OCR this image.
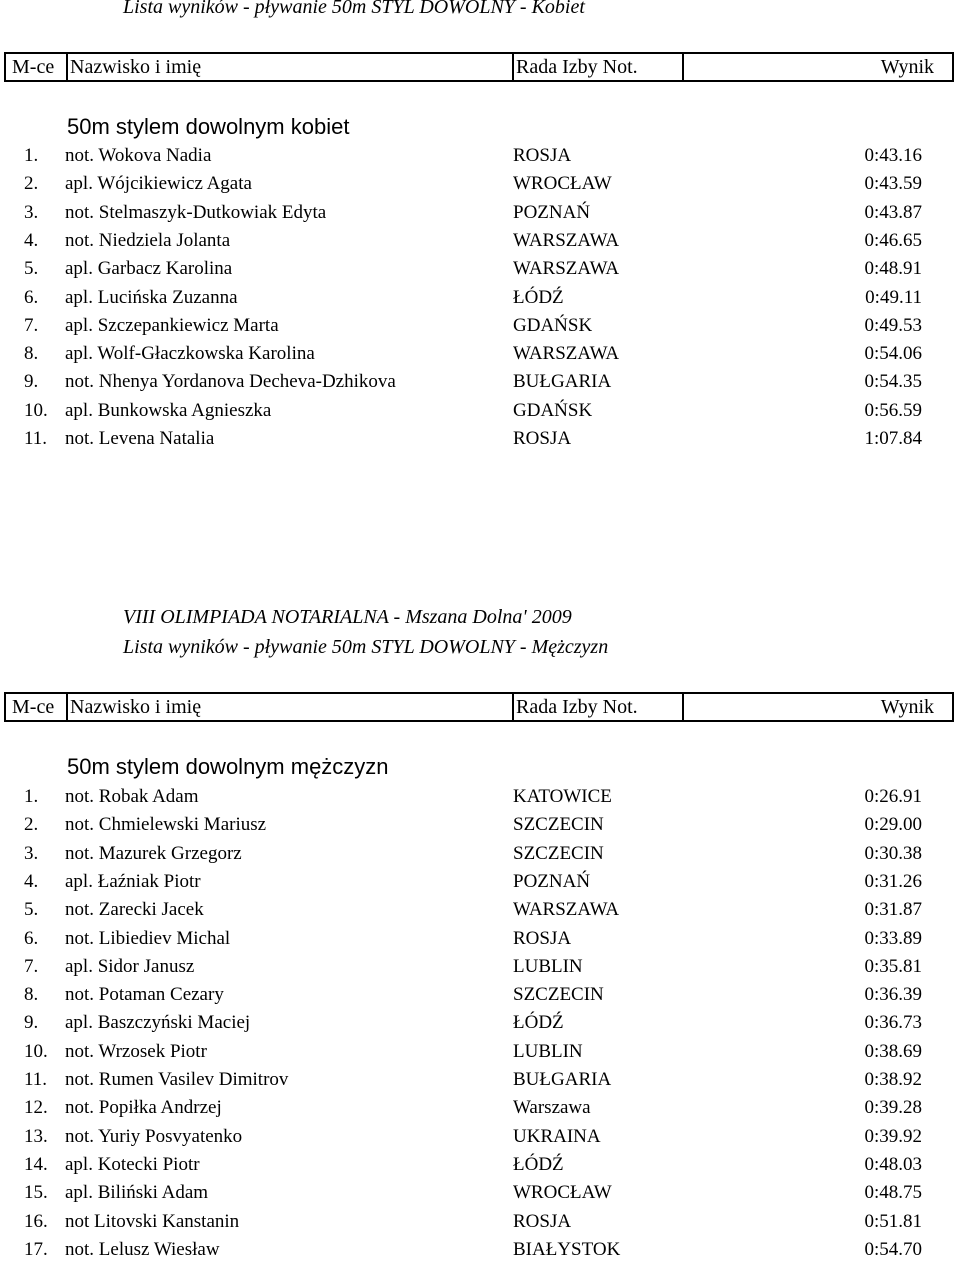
Lista wyników - pływanie 50m STYL DOWOLNY - Kobiet
M-ce Nazwisko i imię	Rada Izby Not.	Wynik
50m stylem dowolnym kobiet
1. not. Wokova Nadia	ROSJA	0:43.16
2. apl. Wójcikiewicz Agata	WROCŁAW	0:43.59
3. not. Stelmaszyk-Dutkowiak Edyta	POZNAŃ	0:43.87
4. not. Niedziela Jolanta	WARSZAWA	0:46.65
5. apl. Garbacz Karolina	WARSZAWA	0:48.91
6. apl. Lucińska Zuzanna	ŁÓDŹ	0:49.11
7. apl. Szczepankiewicz Marta	GDAŃSK	0:49.53
8. apl. Wolf-Głaczkowska Karolina	WARSZAWA	0:54.06
9. not. Nhenya Yordanova Decheva-Dzhikova	BUŁGARIA	0:54.35
10. apl. Bunkowska Agnieszka	GDAŃSK	0:56.59
11. not. Levena Natalia	ROSJA	1:07.84
VIII OLIMPIADA NOTARIALNA - Mszana Dolna' 2009
Lista wyników - pływanie 50m STYL DOWOLNY - Mężczyzn
M-ce Nazwisko i imię	Rada Izby Not.	Wynik
50m stylem dowolnym mężczyzn
1. not. Robak Adam	KATOWICE	0:26.91
2. not. Chmielewski Mariusz	SZCZECIN	0:29.00
3. not. Mazurek Grzegorz	SZCZECIN	0:30.38
4. apl. Łaźniak Piotr	POZNAŃ	0:31.26
5. not. Zarecki Jacek	WARSZAWA	0:31.87
6. not. Libiediev Michal	ROSJA	0:33.89
7. apl. Sidor Janusz	LUBLIN	0:35.81
8. not. Potaman Cezary	SZCZECIN	0:36.39
9. apl. Baszczyński Maciej	ŁÓDŹ	0:36.73
10. not. Wrzosek Piotr	LUBLIN	0:38.69
11. not. Rumen Vasilev Dimitrov	BUŁGARIA	0:38.92
12. not. Popiłka Andrzej	Warszawa	0:39.28
13. not. Yuriy Posvyatenko	UKRAINA	0:39.92
14. apl. Kotecki Piotr	ŁÓDŹ	0:48.03
15. apl. Biliński Adam	WROCŁAW	0:48.75
16. not Litovski Kanstanin	ROSJA	0:51.81
17. not. Lelusz Wiesław	BIAŁYSTOK	0:54.70
